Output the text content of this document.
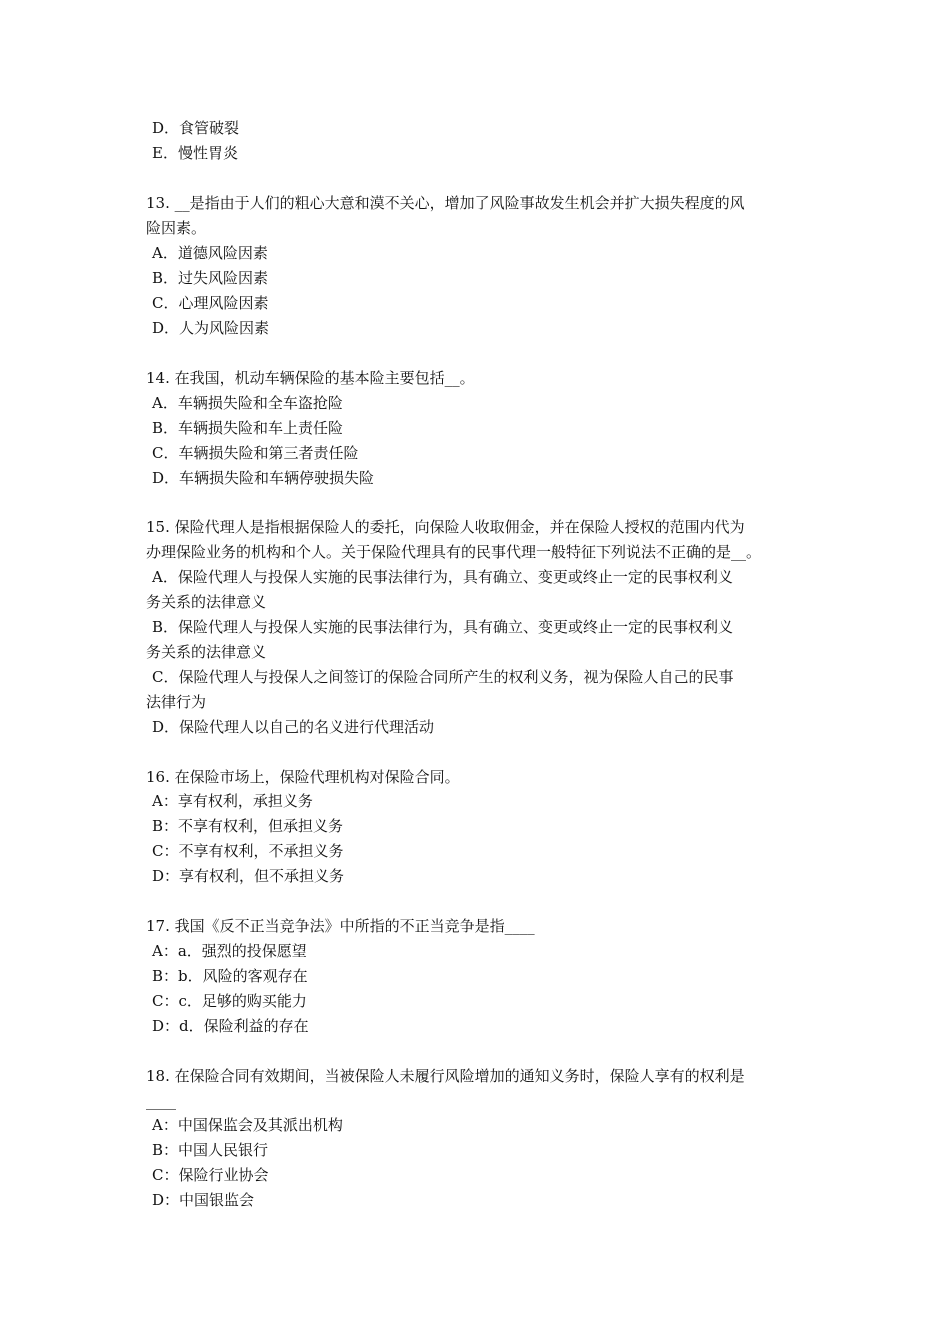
D．食管破裂
E．慢性胃炎
13. __是指由于人们的粗心大意和漠不关心，增加了风险事故发生机会并扩大损失程度的风
险因素。
A．道德风险因素
B．过失风险因素
C．心理风险因素
D．人为风险因素
14. 在我国，机动车辆保险的基本险主要包括__。
A．车辆损失险和全车盗抢险
B．车辆损失险和车上责任险
C．车辆损失险和第三者责任险
D．车辆损失险和车辆停驶损失险
15. 保险代理人是指根据保险人的委托，向保险人收取佣金，并在保险人授权的范围内代为
办理保险业务的机构和个人。关于保险代理具有的民事代理一般特征下列说法不正确的是__。
A．保险代理人与投保人实施的民事法律行为，具有确立、变更或终止一定的民事权利义
务关系的法律意义
B．保险代理人与投保人实施的民事法律行为，具有确立、变更或终止一定的民事权利义
务关系的法律意义
C．保险代理人与投保人之间签订的保险合同所产生的权利义务，视为保险人自己的民事
法律行为
D．保险代理人以自己的名义进行代理活动
16. 在保险市场上，保险代理机构对保险合同。
A：享有权利，承担义务
B：不享有权利，但承担义务
C：不享有权利，不承担义务
D：享有权利，但不承担义务
17. 我国《反不正当竞争法》中所指的不正当竞争是指____
A：a．强烈的投保愿望
B：b．风险的客观存在
C：c．足够的购买能力
D：d．保险利益的存在
18. 在保险合同有效期间，当被保险人未履行风险增加的通知义务时，保险人享有的权利是
____
A：中国保监会及其派出机构
B：中国人民银行
C：保险行业协会
D：中国银监会
